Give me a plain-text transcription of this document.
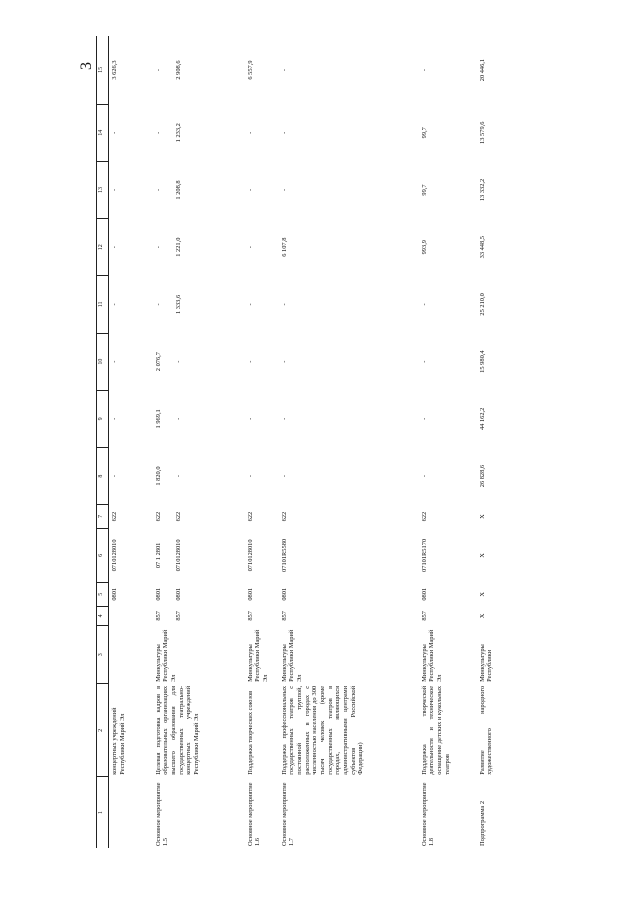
3
1	2	3	4	5	6	7	8	9	10	11	12	13	14	15
	концертных учреждений Республики Марий Эл			0801	0710128010	622	-	-	-	-	-	-	-	3 626,3
Основное мероприятие 1.5	Целевая подготовка кадров в образовательных организациях высшего образования для государственных театрально-концертных учреждений Республики Марий Эл	Минкультуры Республики Марий Эл	857	0801	07 1 2801	622	1 820,0	1 969,1	2 076,7	-	-	-	-	-
			857	0801	0710128010	622	-	-	-	1 333,6	1 221,0	1 208,8	1 233,2	2 908,6
Основное мероприятие 1.6	Поддержка творческих союзов	Минкультуры Республики Марий Эл	857	0801	0710128010	622	-	-	-	-	-	-	-	6 557,9
Основное мероприятие 1.7	Поддержка профессиональных государственных театров с постоянной труппой, расположенных в городах с численностью населения до 300 тысяч человек (кроме государственных театров в городах, являющихся административными центрами субъектов Российской Федерации)	Минкультуры Республики Марий Эл	857	0801	07101R5580	622	-	-	-	-	6 107,8	-	-	-
Основное мероприятие 1.8	Поддержка творческой деятельности и техническое оснащение детских и кукольных театров	Минкультуры Республики Марий Эл	857	0801	07101R5170	622	-	-	-	-	993,9	99,7	99,7	-
Подпрограмма 2	Развитие народного художественного	Минкультуры Республики	Х	Х	Х	Х	26 828,6	44 162,2	15 980,4	25 210,0	33 448,5	13 332,2	13 579,6	20 446,1
